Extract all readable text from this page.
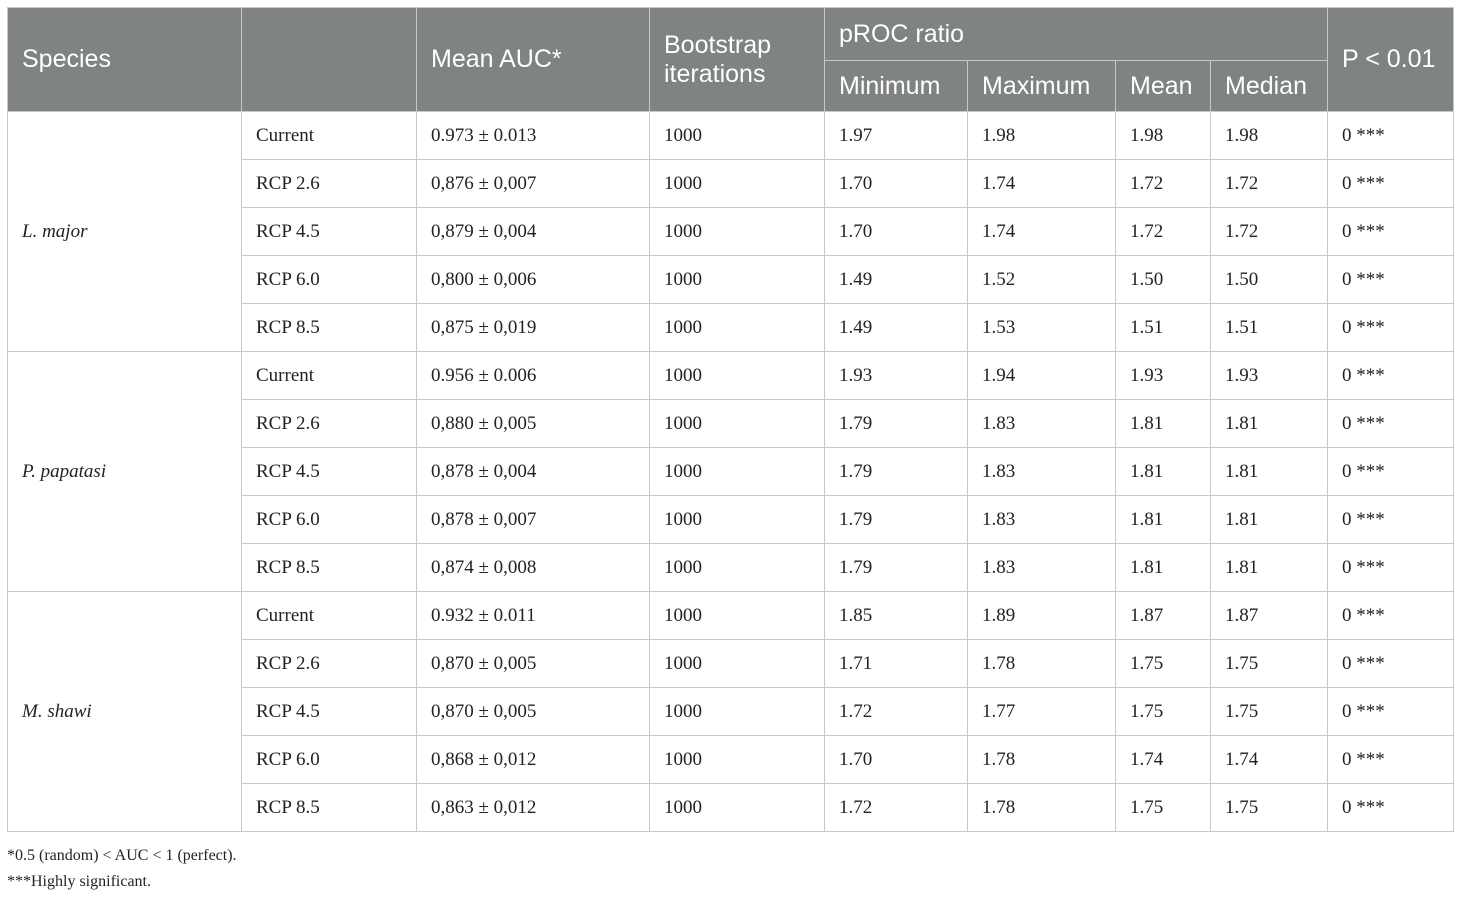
Species		Mean AUC*	Bootstrap iterations	pROC ratio				P < 0.01
				Minimum	Maximum	Mean	Median	
L. major	Current	0.973 ± 0.013	1000	1.97	1.98	1.98	1.98	0 ***
	RCP 2.6	0,876 ± 0,007	1000	1.70	1.74	1.72	1.72	0 ***
	RCP 4.5	0,879 ± 0,004	1000	1.70	1.74	1.72	1.72	0 ***
	RCP 6.0	0,800 ± 0,006	1000	1.49	1.52	1.50	1.50	0 ***
	RCP 8.5	0,875 ± 0,019	1000	1.49	1.53	1.51	1.51	0 ***
P. papatasi	Current	0.956 ± 0.006	1000	1.93	1.94	1.93	1.93	0 ***
	RCP 2.6	0,880 ± 0,005	1000	1.79	1.83	1.81	1.81	0 ***
	RCP 4.5	0,878 ± 0,004	1000	1.79	1.83	1.81	1.81	0 ***
	RCP 6.0	0,878 ± 0,007	1000	1.79	1.83	1.81	1.81	0 ***
	RCP 8.5	0,874 ± 0,008	1000	1.79	1.83	1.81	1.81	0 ***
M. shawi	Current	0.932 ± 0.011	1000	1.85	1.89	1.87	1.87	0 ***
	RCP 2.6	0,870 ± 0,005	1000	1.71	1.78	1.75	1.75	0 ***
	RCP 4.5	0,870 ± 0,005	1000	1.72	1.77	1.75	1.75	0 ***
	RCP 6.0	0,868 ± 0,012	1000	1.70	1.78	1.74	1.74	0 ***
	RCP 8.5	0,863 ± 0,012	1000	1.72	1.78	1.75	1.75	0 ***
*0.5 (random) < AUC < 1 (perfect).
***Highly significant.
